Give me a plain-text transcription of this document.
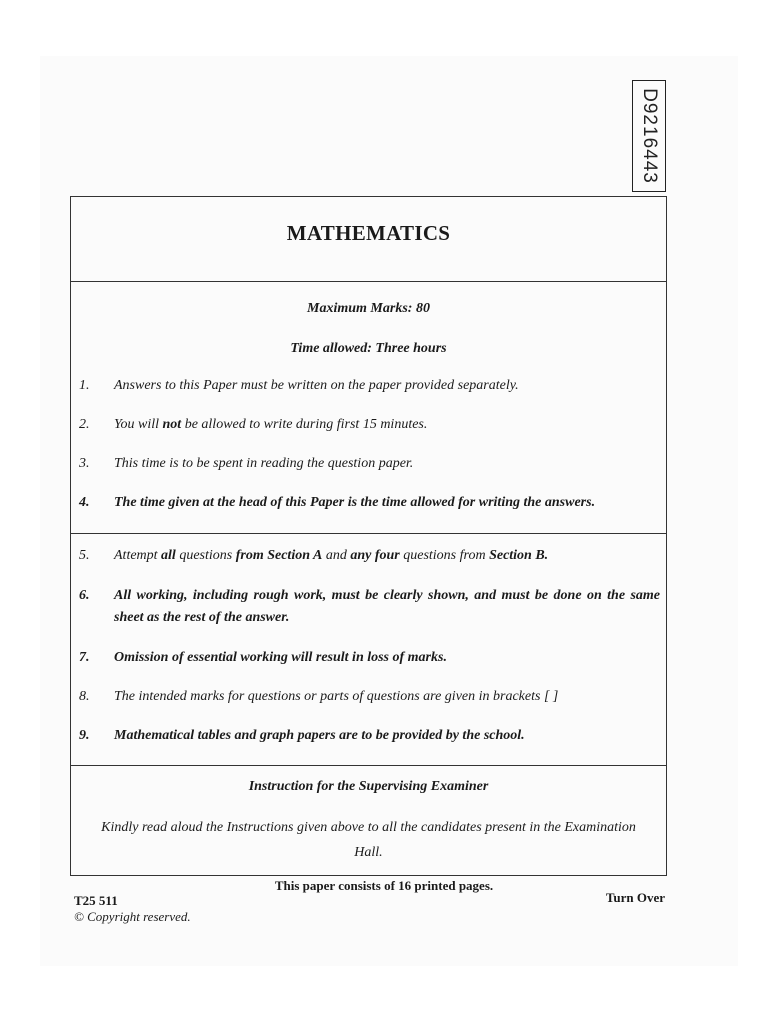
D9216443
MATHEMATICS
Maximum Marks: 80
Time allowed: Three hours
1. Answers to this Paper must be written on the paper provided separately.
2. You will not be allowed to write during first 15 minutes.
3. This time is to be spent in reading the question paper.
4. The time given at the head of this Paper is the time allowed for writing the answers.
5. Attempt all questions from Section A and any four questions from Section B.
6. All working, including rough work, must be clearly shown, and must be done on the same sheet as the rest of the answer.
7. Omission of essential working will result in loss of marks.
8. The intended marks for questions or parts of questions are given in brackets [ ]
9. Mathematical tables and graph papers are to be provided by the school.
Instruction for the Supervising Examiner
Kindly read aloud the Instructions given above to all the candidates present in the Examination Hall.
This paper consists of 16 printed pages.
T25 511
© Copyright reserved.
Turn Over
